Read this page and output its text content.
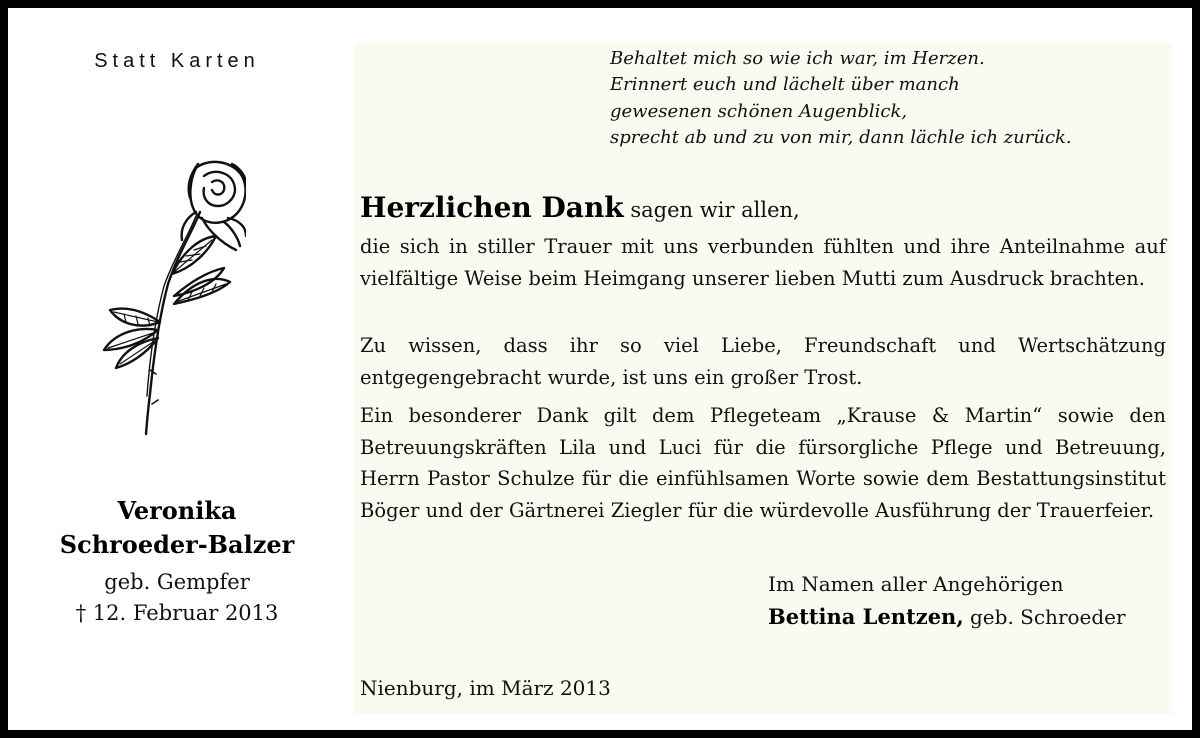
Statt Karten
Veronika
Schroeder-Balzer
geb. Gempfer
† 12. Februar 2013
Behaltet mich so wie ich war, im Herzen.
Erinnert euch und lächelt über manch
gewesenen schönen Augenblick,
sprecht ab und zu von mir, dann lächle ich zurück.
Herzlichen Dank sagen wir allen,
die sich in stiller Trauer mit uns verbunden fühlten und ihre Anteilnahme auf vielfältige Weise beim Heimgang unserer lieben Mutti zum Ausdruck brachten.
Zu wissen, dass ihr so viel Liebe, Freundschaft und Wertschätzung entgegengebracht wurde, ist uns ein großer Trost.
Ein besonderer Dank gilt dem Pflegeteam „Krause & Martin“ sowie den Betreuungskräften Lila und Luci für die fürsorgliche Pflege und Betreuung, Herrn Pastor Schulze für die einfühlsamen Worte sowie dem Bestattungsinstitut Böger und der Gärtnerei Ziegler für die würdevolle Ausführung der Trauerfeier.
Im Namen aller Angehörigen
Bettina Lentzen, geb. Schroeder
Nienburg, im März 2013
